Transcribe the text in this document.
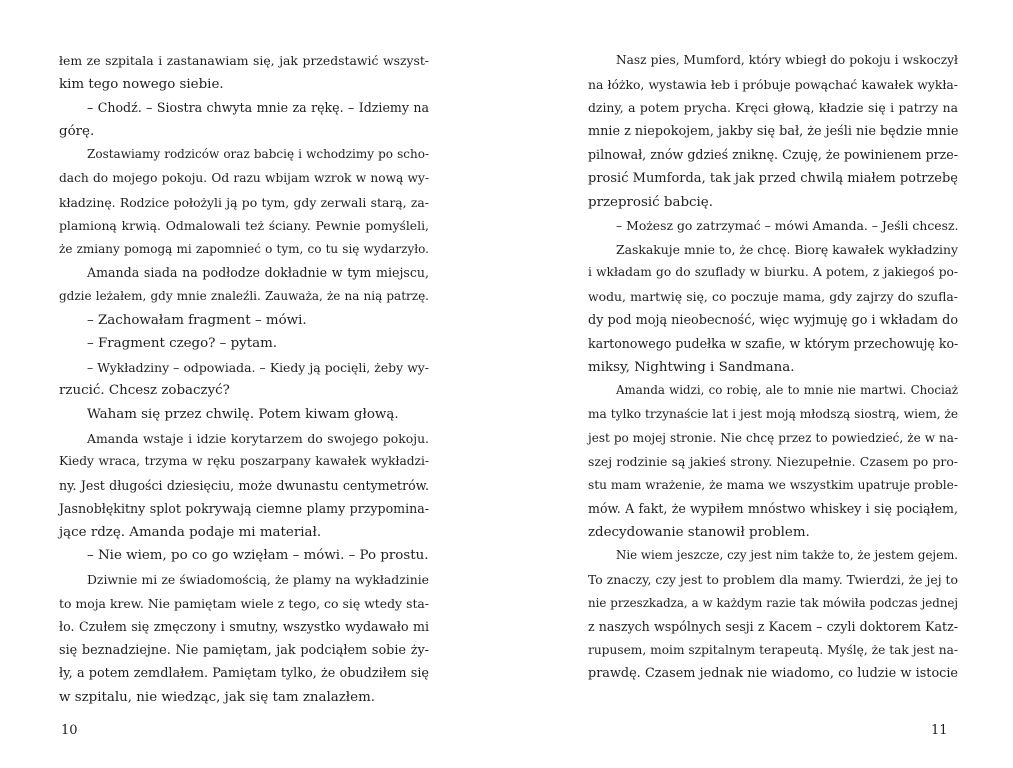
łem ze szpitala i zastanawiam się, jak przedstawić wszyst-
kim tego nowego siebie.
– Chodź. – Siostra chwyta mnie za rękę. – Idziemy na
górę.
Zostawiamy rodziców oraz babcię i wchodzimy po scho-
dach do mojego pokoju. Od razu wbijam wzrok w nową wy-
kładzinę. Rodzice położyli ją po tym, gdy zerwali starą, za-
plamioną krwią. Odmalowali też ściany. Pewnie pomyśleli,
że zmiany pomogą mi zapomnieć o tym, co tu się wydarzyło.
Amanda siada na podłodze dokładnie w tym miejscu,
gdzie leżałem, gdy mnie znaleźli. Zauważa, że na nią patrzę.
– Zachowałam fragment – mówi.
– Fragment czego? – pytam.
– Wykładziny – odpowiada. – Kiedy ją pocięli, żeby wy-
rzucić. Chcesz zobaczyć?
Waham się przez chwilę. Potem kiwam głową.
Amanda wstaje i idzie korytarzem do swojego pokoju.
Kiedy wraca, trzyma w ręku poszarpany kawałek wykładzi-
ny. Jest długości dziesięciu, może dwunastu centymetrów.
Jasnobłękitny splot pokrywają ciemne plamy przypomina-
jące rdzę. Amanda podaje mi materiał.
– Nie wiem, po co go wzięłam – mówi. – Po prostu.
Dziwnie mi ze świadomością, że plamy na wykładzinie
to moja krew. Nie pamiętam wiele z tego, co się wtedy sta-
ło. Czułem się zmęczony i smutny, wszystko wydawało mi
się beznadziejne. Nie pamiętam, jak podciąłem sobie ży-
ły, a potem zemdlałem. Pamiętam tylko, że obudziłem się
w szpitalu, nie wiedząc, jak się tam znalazłem.
Nasz pies, Mumford, który wbiegł do pokoju i wskoczył
na łóżko, wystawia łeb i próbuje powąchać kawałek wykła-
dziny, a potem prycha. Kręci głową, kładzie się i patrzy na
mnie z niepokojem, jakby się bał, że jeśli nie będzie mnie
pilnował, znów gdzieś zniknę. Czuję, że powinienem prze-
prosić Mumforda, tak jak przed chwilą miałem potrzebę
przeprosić babcię.
– Możesz go zatrzymać – mówi Amanda. – Jeśli chcesz.
Zaskakuje mnie to, że chcę. Biorę kawałek wykładziny
i wkładam go do szuflady w biurku. A potem, z jakiegoś po-
wodu, martwię się, co poczuje mama, gdy zajrzy do szufla-
dy pod moją nieobecność, więc wyjmuję go i wkładam do
kartonowego pudełka w szafie, w którym przechowuję ko-
miksy, Nightwing i Sandmana.
Amanda widzi, co robię, ale to mnie nie martwi. Chociaż
ma tylko trzynaście lat i jest moją młodszą siostrą, wiem, że
jest po mojej stronie. Nie chcę przez to powiedzieć, że w na-
szej rodzinie są jakieś strony. Niezupełnie. Czasem po pro-
stu mam wrażenie, że mama we wszystkim upatruje proble-
mów. A fakt, że wypiłem mnóstwo whiskey i się pociąłem,
zdecydowanie stanowił problem.
Nie wiem jeszcze, czy jest nim także to, że jestem gejem.
To znaczy, czy jest to problem dla mamy. Twierdzi, że jej to
nie przeszkadza, a w każdym razie tak mówiła podczas jednej
z naszych wspólnych sesji z Kacem – czyli doktorem Katz-
rupusem, moim szpitalnym terapeutą. Myślę, że tak jest na-
prawdę. Czasem jednak nie wiadomo, co ludzie w istocie
10	11
